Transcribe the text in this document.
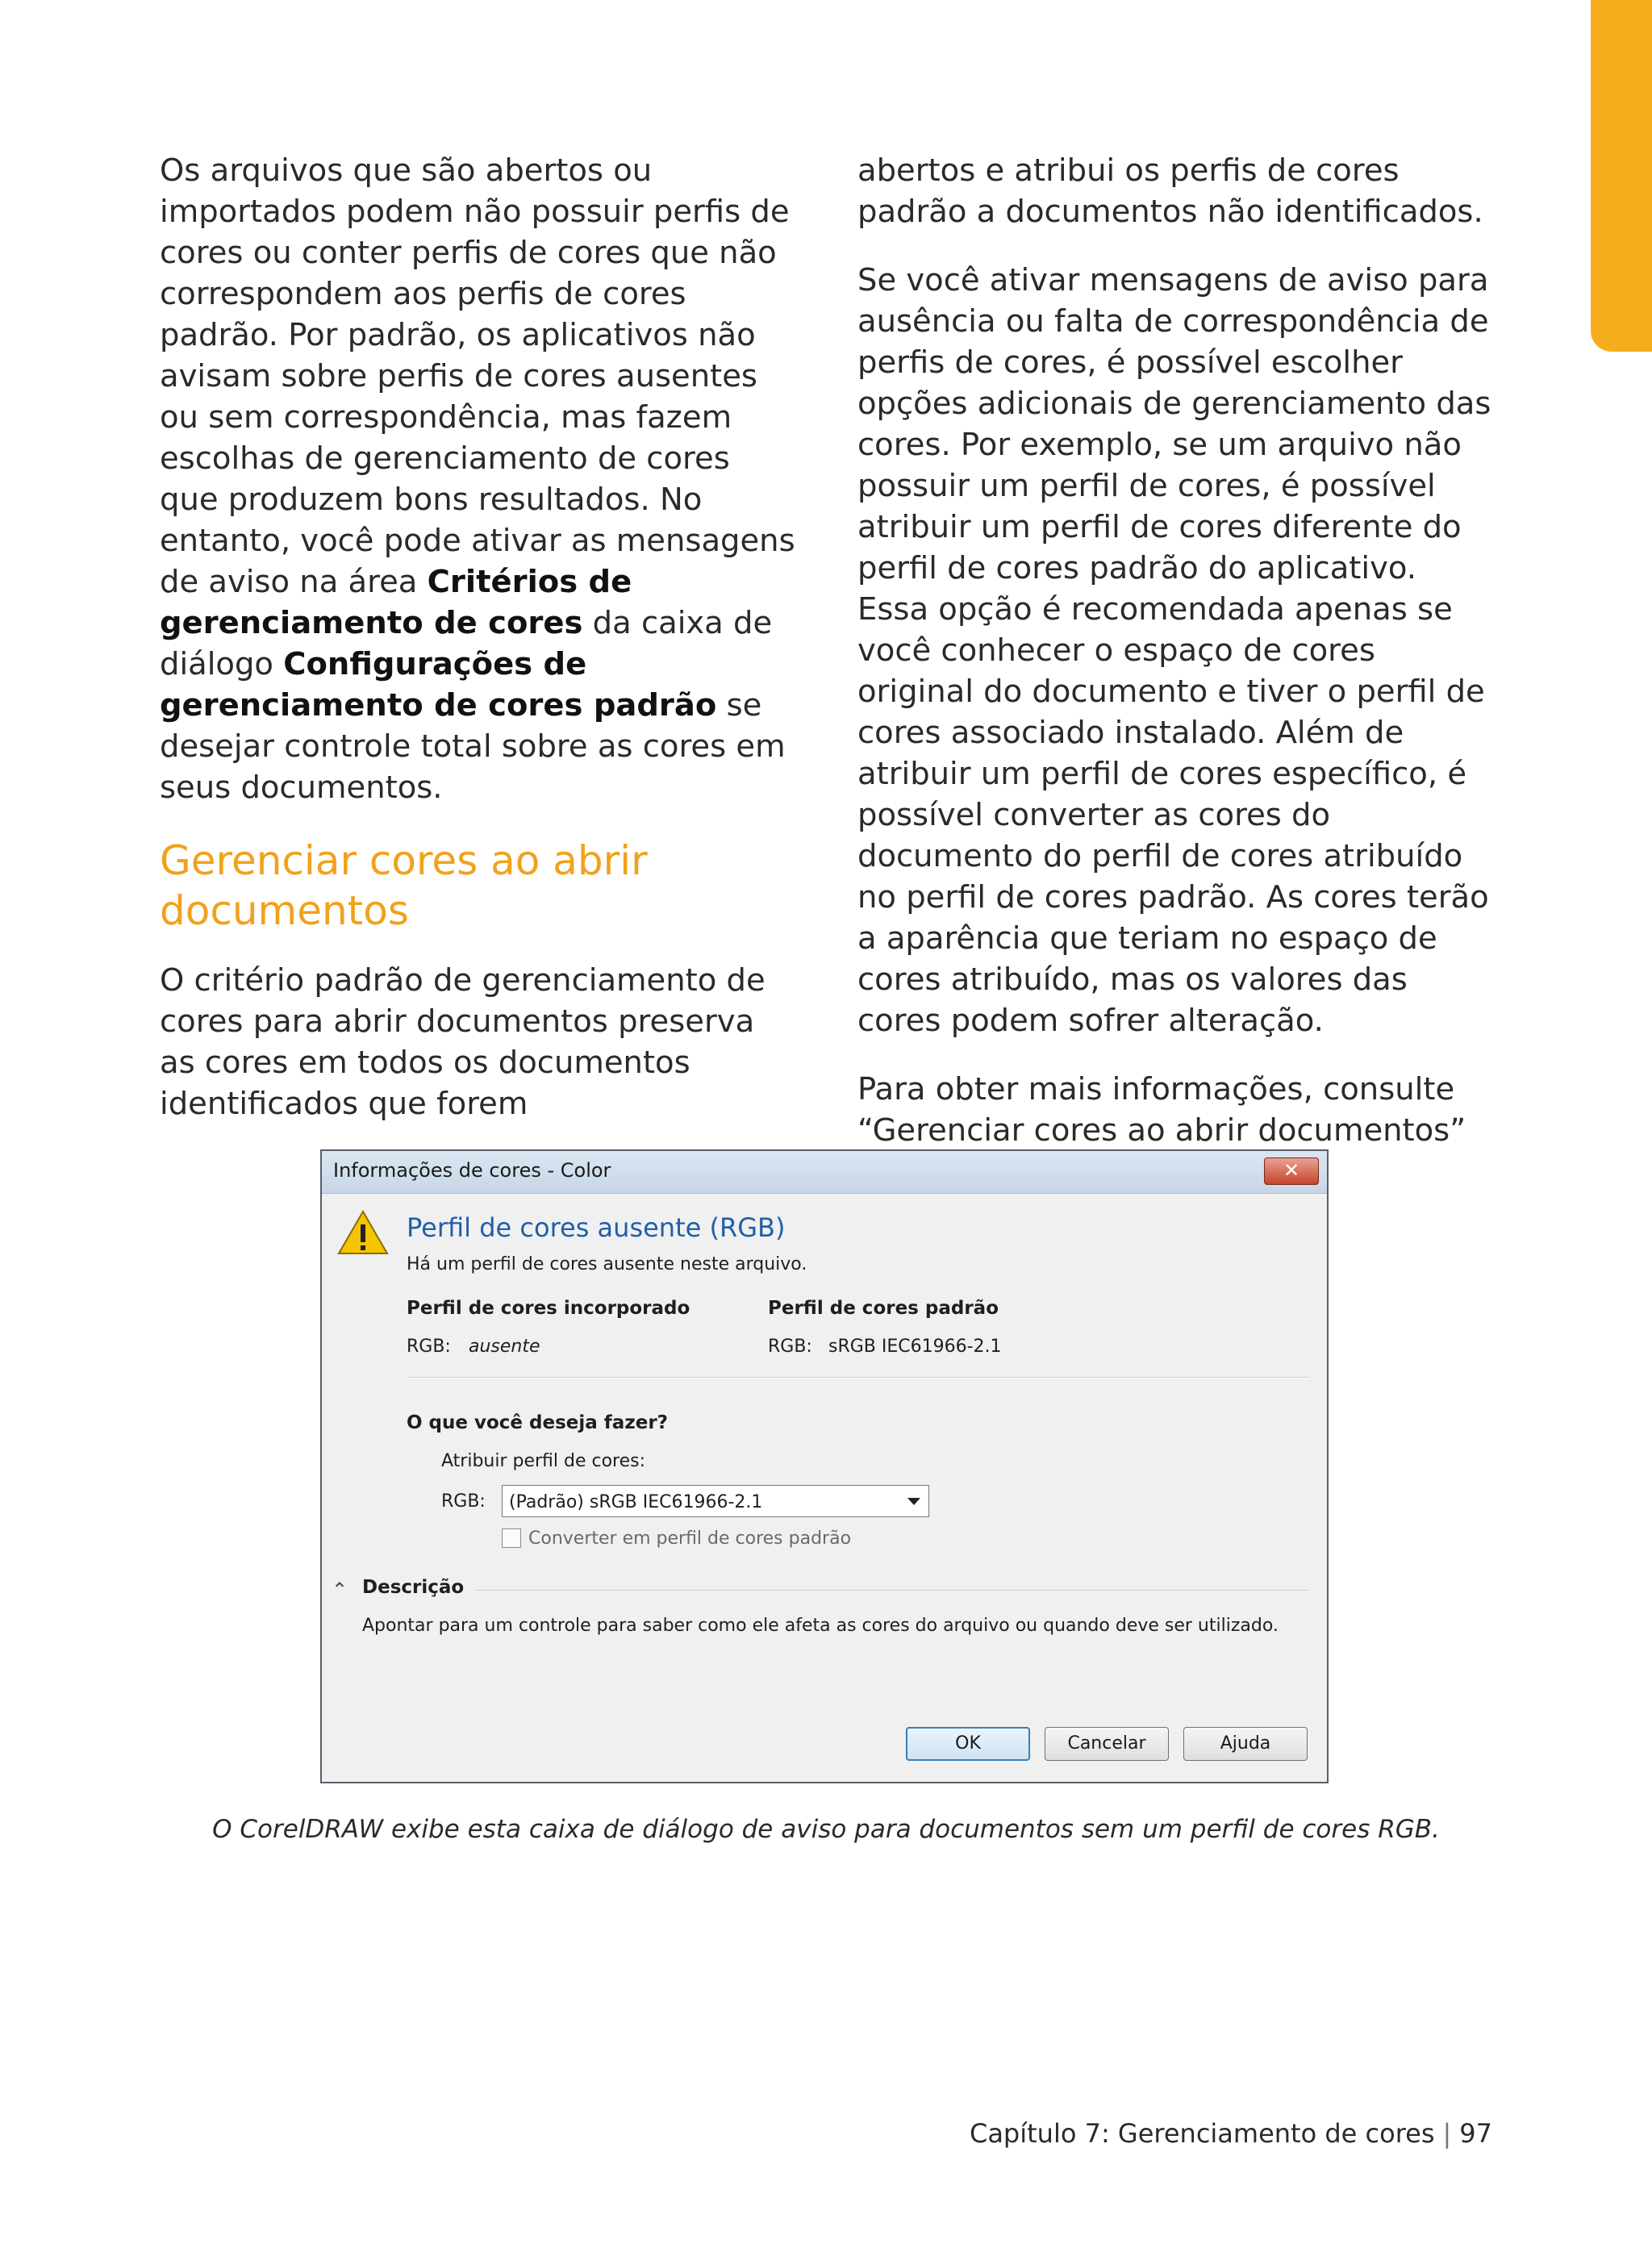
Os arquivos que são abertos ou importados podem não possuir perfis de cores ou conter perfis de cores que não correspondem aos perfis de cores padrão. Por padrão, os aplicativos não avisam sobre perfis de cores ausentes ou sem correspondência, mas fazem escolhas de gerenciamento de cores que produzem bons resultados. No entanto, você pode ativar as mensagens de aviso na área Critérios de gerenciamento de cores da caixa de diálogo Configurações de gerenciamento de cores padrão se desejar controle total sobre as cores em seus documentos.

Gerenciar cores ao abrir documentos

O critério padrão de gerenciamento de cores para abrir documentos preserva as cores em todos os documentos identificados que forem

abertos e atribui os perfis de cores padrão a documentos não identificados.

Se você ativar mensagens de aviso para ausência ou falta de correspondência de perfis de cores, é possível escolher opções adicionais de gerenciamento das cores. Por exemplo, se um arquivo não possuir um perfil de cores, é possível atribuir um perfil de cores diferente do perfil de cores padrão do aplicativo. Essa opção é recomendada apenas se você conhecer o espaço de cores original do documento e tiver o perfil de cores associado instalado. Além de atribuir um perfil de cores específico, é possível converter as cores do documento do perfil de cores atribuído no perfil de cores padrão. As cores terão a aparência que teriam no espaço de cores atribuído, mas os valores das cores podem sofrer alteração.

Para obter mais informações, consulte “Gerenciar cores ao abrir documentos”

Informações de cores - Color	✕
Perfil de cores ausente (RGB)
Há um perfil de cores ausente neste arquivo.
Perfil de cores incorporado
RGB: ausente
Perfil de cores padrão
RGB: sRGB IEC61966-2.1
O que você deseja fazer?
Atribuir perfil de cores:
RGB: (Padrão) sRGB IEC61966-2.1
Converter em perfil de cores padrão
⌃ Descrição
Apontar para um controle para saber como ele afeta as cores do arquivo ou quando deve ser utilizado.
OK	Cancelar	Ajuda
O CorelDRAW exibe esta caixa de diálogo de aviso para documentos sem um perfil de cores RGB.
Capítulo 7: Gerenciamento de cores | 97
